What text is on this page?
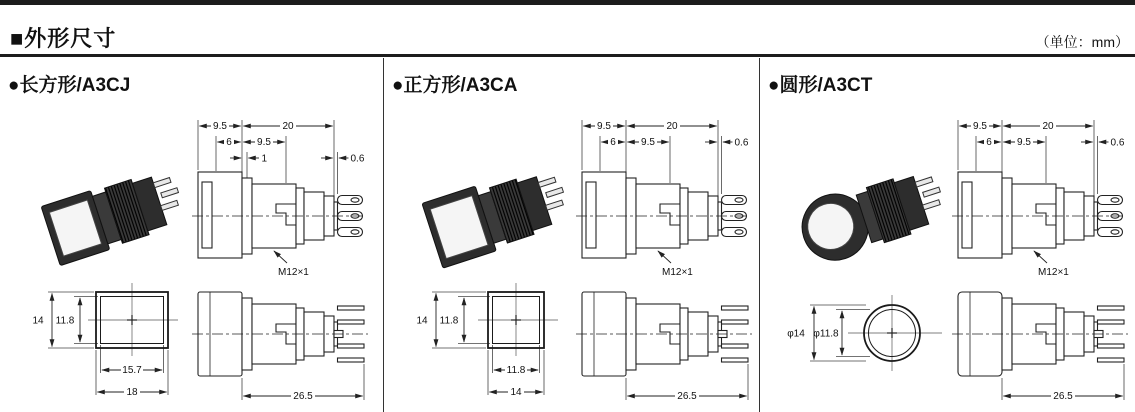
■外形尺寸	（单位：mm）
●长方形/A3CJ
9.5	20
6	9.5
1	0.6
M12×1
14 11.8
15.7
18	26.5
●正方形/A3CA
9.5	20
6	9.5	0.6
M12×1
14 11.8
11.8
14	26.5
●圆形/A3CT
9.5	20
6	9.5	0.6
M12×1
φ14 φ11.8
26.5
